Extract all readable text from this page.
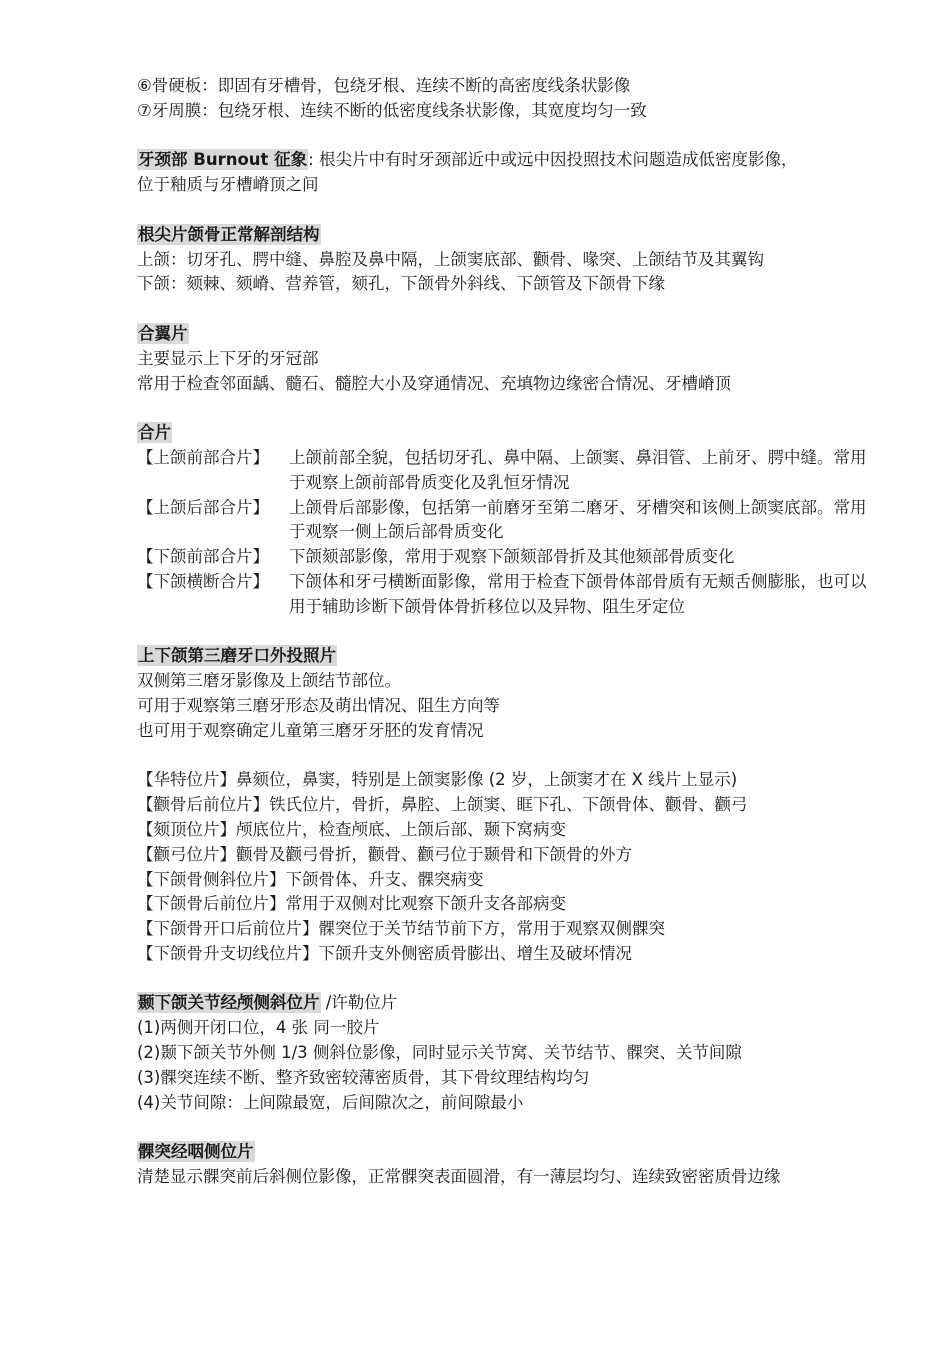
⑥骨硬板：即固有牙槽骨，包绕牙根、连续不断的高密度线条状影像
⑦牙周膜：包绕牙根、连续不断的低密度线条状影像，其宽度均匀一致
牙颈部 Burnout 征象: 根尖片中有时牙颈部近中或远中因投照技术问题造成低密度影像，
位于釉质与牙槽嵴顶之间
根尖片颌骨正常解剖结构
上颌：切牙孔、腭中缝、鼻腔及鼻中隔，上颌窦底部、颧骨、喙突、上颌结节及其翼钩
下颌：颏棘、颏嵴、营养管，颏孔，下颌骨外斜线、下颌管及下颌骨下缘
合翼片
主要显示上下牙的牙冠部
常用于检查邻面龋、髓石、髓腔大小及穿通情况、充填物边缘密合情况、牙槽嵴顶
合片
【上颌前部合片】	上颌前部全貌，包括切牙孔、鼻中隔、上颌窦、鼻泪管、上前牙、腭中缝。常用于观察上颌前部骨质变化及乳恒牙情况
【上颌后部合片】	上颌骨后部影像，包括第一前磨牙至第二磨牙、牙槽突和该侧上颌窦底部。常用于观察一侧上颌后部骨质变化
【下颌前部合片】	下颌颏部影像，常用于观察下颌颏部骨折及其他颏部骨质变化
【下颌横断合片】	下颌体和牙弓横断面影像，常用于检查下颌骨体部骨质有无颊舌侧膨胀，也可以用于辅助诊断下颌骨体骨折移位以及异物、阻生牙定位
上下颌第三磨牙口外投照片
双侧第三磨牙影像及上颌结节部位。
可用于观察第三磨牙形态及萌出情况、阻生方向等
也可用于观察确定儿童第三磨牙牙胚的发育情况
【华特位片】鼻颏位，鼻窦，特别是上颌窦影像 (2 岁，上颌窦才在 X 线片上显示)
【颧骨后前位片】铁氏位片，骨折，鼻腔、上颌窦、眶下孔、下颌骨体、颧骨、颧弓
【颏顶位片】颅底位片，检查颅底、上颌后部、颞下窝病变
【颧弓位片】颧骨及颧弓骨折，颧骨、颧弓位于颞骨和下颌骨的外方
【下颌骨侧斜位片】下颌骨体、升支、髁突病变
【下颌骨后前位片】常用于双侧对比观察下颌升支各部病变
【下颌骨开口后前位片】髁突位于关节结节前下方，常用于观察双侧髁突
【下颌骨升支切线位片】下颌升支外侧密质骨膨出、增生及破坏情况
颞下颌关节经颅侧斜位片 /许勒位片
(1)两侧开闭口位，4 张 同一胶片
(2)颞下颌关节外侧 1/3 侧斜位影像，同时显示关节窝、关节结节、髁突、关节间隙
(3)髁突连续不断、整齐致密较薄密质骨，其下骨纹理结构均匀
(4)关节间隙：上间隙最宽，后间隙次之，前间隙最小
髁突经咽侧位片
清楚显示髁突前后斜侧位影像，正常髁突表面圆滑，有一薄层均匀、连续致密密质骨边缘
